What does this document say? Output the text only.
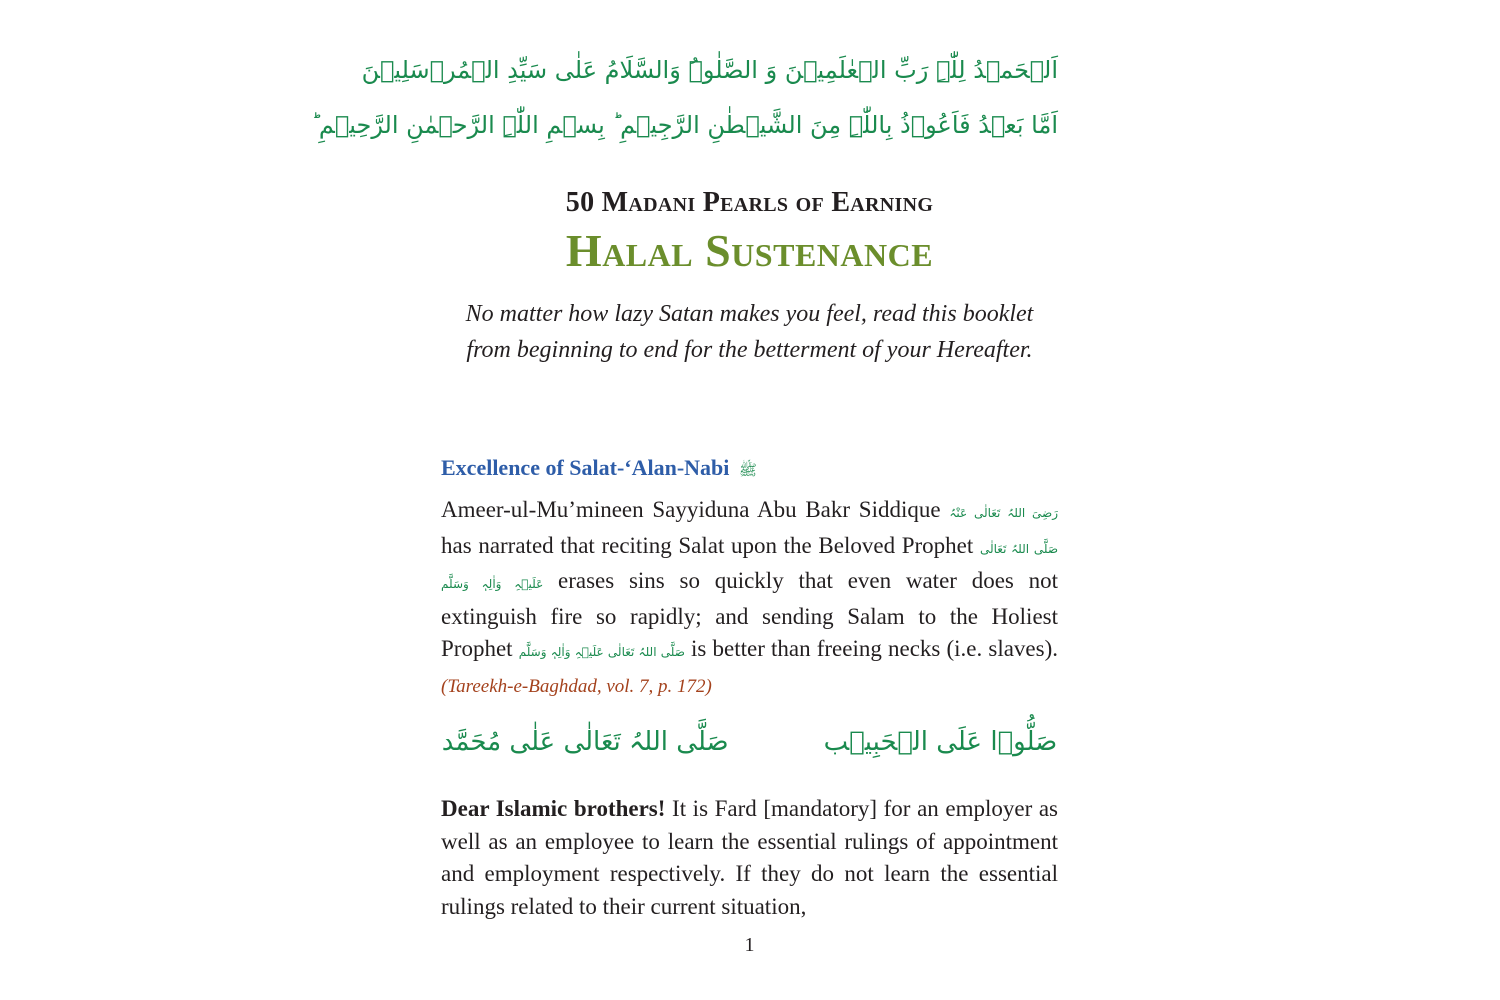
اَلۡحَمۡدُ لِلّٰہِ رَبِّ الۡعٰلَمِیۡنَ وَ الصَّلٰوۃُ وَالسَّلَامُ عَلٰی سَیِّدِ الۡمُرۡسَلِیۡنَ
اَمَّا بَعۡدُ فَاَعُوۡذُ بِاللّٰہِ مِنَ الشَّیۡطٰنِ الرَّجِیۡمِ ؕ بِسۡمِ اللّٰہِ الرَّحۡمٰنِ الرَّحِیۡمِ ؕ
50 Madani Pearls of Earning
Halal Sustenance
No matter how lazy Satan makes you feel, read this booklet from beginning to end for the betterment of your Hereafter.
Excellence of Salat-‘Alan-Nabi ﷺ
Ameer-ul-Mu’mineen Sayyiduna Abu Bakr Siddique رَضِیَ اللہُ تَعَالٰی عَنْہُ has narrated that reciting Salat upon the Beloved Prophet صَلَّی اللہُ تَعَالٰی عَلَیۡہِ وَاٰلِہٖ وَسَلَّم erases sins so quickly that even water does not extinguish fire so rapidly; and sending Salam to the Holiest Prophet صَلَّی اللہُ تَعَالٰی عَلَیۡہِ وَاٰلِہٖ وَسَلَّم is better than freeing necks (i.e. slaves). (Tareekh-e-Baghdad, vol. 7, p. 172)
صَلُّوۡا عَلَی الۡحَبِیۡب
صَلَّی اللہُ تَعَالٰی عَلٰی مُحَمَّد
Dear Islamic brothers! It is Fard [mandatory] for an employer as well as an employee to learn the essential rulings of appointment and employment respectively. If they do not learn the essential rulings related to their current situation,
1
